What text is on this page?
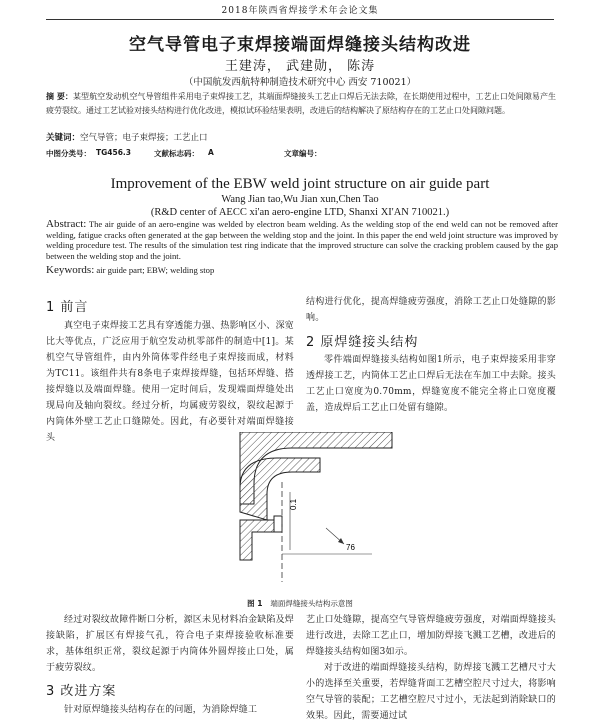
2018年陕西省焊接学术年会论文集
空气导管电子束焊接端面焊缝接头结构改进
王建涛， 武建勋， 陈涛
（中国航发西航特种制造技术研究中心 西安 710021）
摘 要：某型航空发动机空气导管组件采用电子束焊接工艺，其端面焊缝接头工艺止口焊后无法去除，在长期使用过程中，工艺止口处间隙易产生疲劳裂纹。通过工艺试验对接头结构进行优化改进，模拟试环验结果表明，改进后的结构解决了原结构存在的工艺止口处间隙问题。
关键词：空气导管；电子束焊接；工艺止口
中图分类号： TG456.3	文献标志码： A	文章编号：
Improvement of the EBW weld joint structure on air guide part
Wang Jian tao,Wu Jian xun,Chen Tao
(R&D center of AECC xi'an aero-engine LTD, Shanxi XI'AN 710021.)
Abstract: The air guide of an aero-engine was welded by electron beam welding. As the welding stop of the end weld can not be removed after welding, fatigue cracks often generated at the gap between the welding stop and the joint. In this paper the end weld joint structure was improved by welding procedure test. The results of the simulation test ring indicate that the improved structure can solve the cracking problem caused by the gap between the welding stop and the joint.
Keywords: air guide part; EBW; welding stop
1 前言

真空电子束焊接工艺具有穿透能力强、热影响区小、深宽比大等优点，广泛应用于航空发动机零部件的制造中[1]。某机空气导管组件，由内外筒体零件经电子束焊接而成，材料为TC11。该组件共有8条电子束焊接焊缝，包括环焊缝、搭接焊缝以及端面焊缝。使用一定时间后，发现端面焊缝处出现局向及轴向裂纹。经过分析，均属疲劳裂纹，裂纹起源于内筒体外壁工艺止口缝隙处。因此，有必要针对端面焊缝接头

结构进行优化，提高焊缝疲劳强度，消除工艺止口处缝隙的影响。

2 原焊缝接头结构

零件端面焊缝接头结构如图1所示，电子束焊接采用非穿透焊接工艺，内筒体工艺止口焊后无法在车加工中去除。接头工艺止口宽度为0.70mm，焊缝宽度不能完全将止口宽度覆盖，造成焊后工艺止口处留有缝隙。

0.1
76
图 1 端面焊缝接头结构示意图

经过对裂纹故障件断口分析，源区未见材料冶金缺陷及焊接缺陷，扩展区有焊接气孔，符合电子束焊接验收标准要求，基体组织正常，裂纹起源于内筒体外圆焊接止口处，属于疲劳裂纹。

3 改进方案

针对原焊缝接头结构存在的问题，为消除焊缝工

艺止口处缝隙，提高空气导管焊缝疲劳强度，对端面焊缝接头进行改进，去除工艺止口，增加防焊接飞溅工艺槽，改进后的焊缝接头结构如图3如示。

对于改进的端面焊缝接头结构，防焊接飞溅工艺槽尺寸大小的选择至关重要，若焊缝背面工艺槽空腔尺寸过大，将影响空气导管的装配；工艺槽空腔尺寸过小，无法起到消除缺口的效果。因此，需要通过试
